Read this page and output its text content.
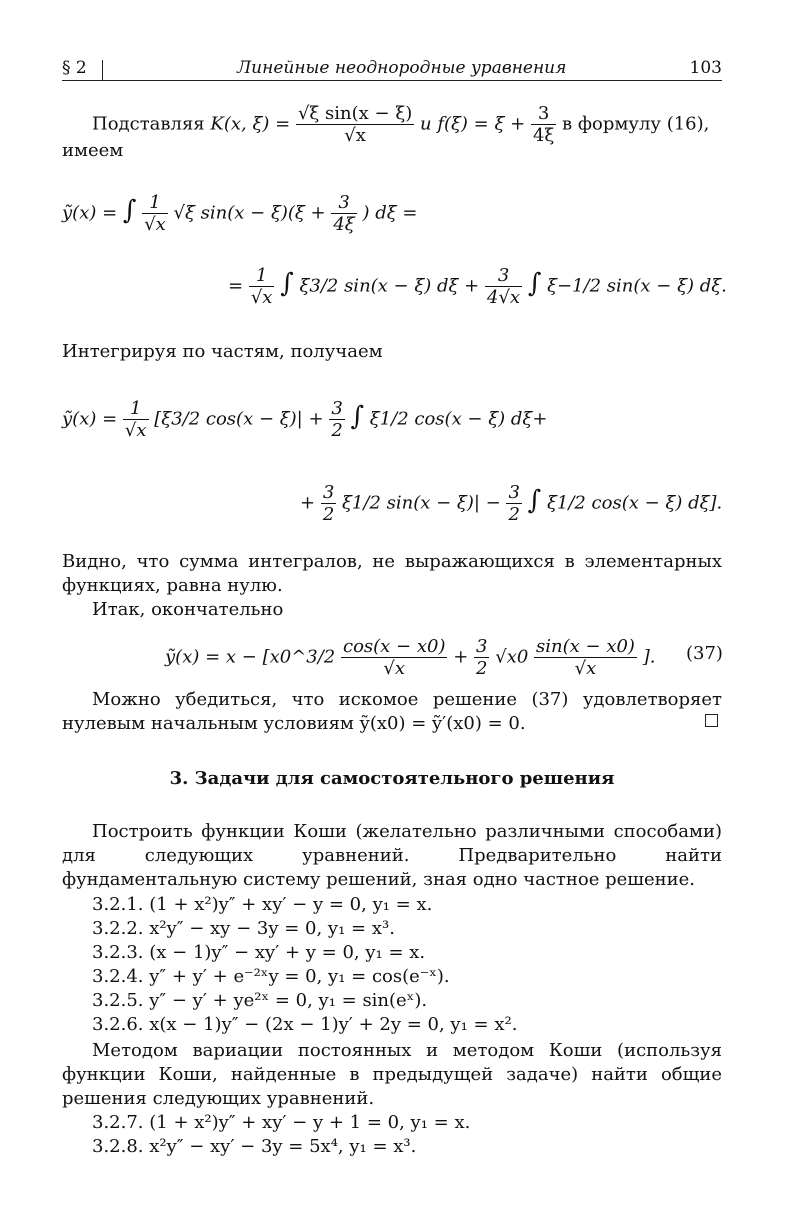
§ 2	Линейные неоднородные уравнения	103
Подставляя K(x, $\xi) = \frac{\text{√ξ sin(x − ξ)}}{√x}$ и $f(\xi) = \xi + \frac{3}{4\xi}$ в формулу (16),
имеем
ỹ(x) = ∫ $\frac{1}{√x} √\xi$ $\sin(x - \xi)(\xi + \frac{3}{4\xi}$ ) dξ =
= $\frac{1}{√x}$ ∫ ξ3/2 sin(x − ξ) $d\xi + \frac{3}{4√x}$ ∫ ξ−1/2 sin(x − ξ) dξ.
Интегрируя по частям, получаем
ỹ(x) = $\frac{1}{√x} [\xi 3/2$ $\cos(x - \xi)| + \frac{3}{2}$ ∫ ξ1/2 cos(x − ξ) dξ+
+ $\frac{3}{2} \xi 1/2$ $\sin(x - \xi)| - \frac{3}{2}$ ∫ ξ1/2 cos(x − ξ) dξ].
Видно, что сумма интегралов, не выражающихся в элементарных функциях, равна нулю.
Итак, окончательно
ỹ(x) = x − [x0^3/2 $\frac{\cos(x - x0)}{√x} + \frac{3}{2} √x0 \frac{\sin(x - x0)}{√x}$ ]. (37)
Можно убедиться, что искомое решение (37) удовлетворяет нулевым начальным условиям ỹ(x0) = ỹ′(x0) = 0.
3. Задачи для самостоятельного решения
Построить функции Коши (желательно различными способами) для следующих уравнений. Предварительно найти фундаментальную систему решений, зная одно частное решение.
3.2.1. (1 + x²)y″ + xy′ − y = 0, y₁ = x.
3.2.2. x²y″ − xy − 3y = 0, y₁ = x³.
3.2.3. (x − 1)y″ − xy′ + y = 0, y₁ = x.
3.2.4. y″ + y′ + e⁻²ˣy = 0, y₁ = cos(e⁻ˣ).
3.2.5. y″ − y′ + ye²ˣ = 0, y₁ = sin(eˣ).
3.2.6. x(x − 1)y″ − (2x − 1)y′ + 2y = 0, y₁ = x².
Методом вариации постоянных и методом Коши (используя функции Коши, найденные в предыдущей задаче) найти общие решения следующих уравнений.
3.2.7. (1 + x²)y″ + xy′ − y + 1 = 0, y₁ = x.
3.2.8. x²y″ − xy′ − 3y = 5x⁴, y₁ = x³.
